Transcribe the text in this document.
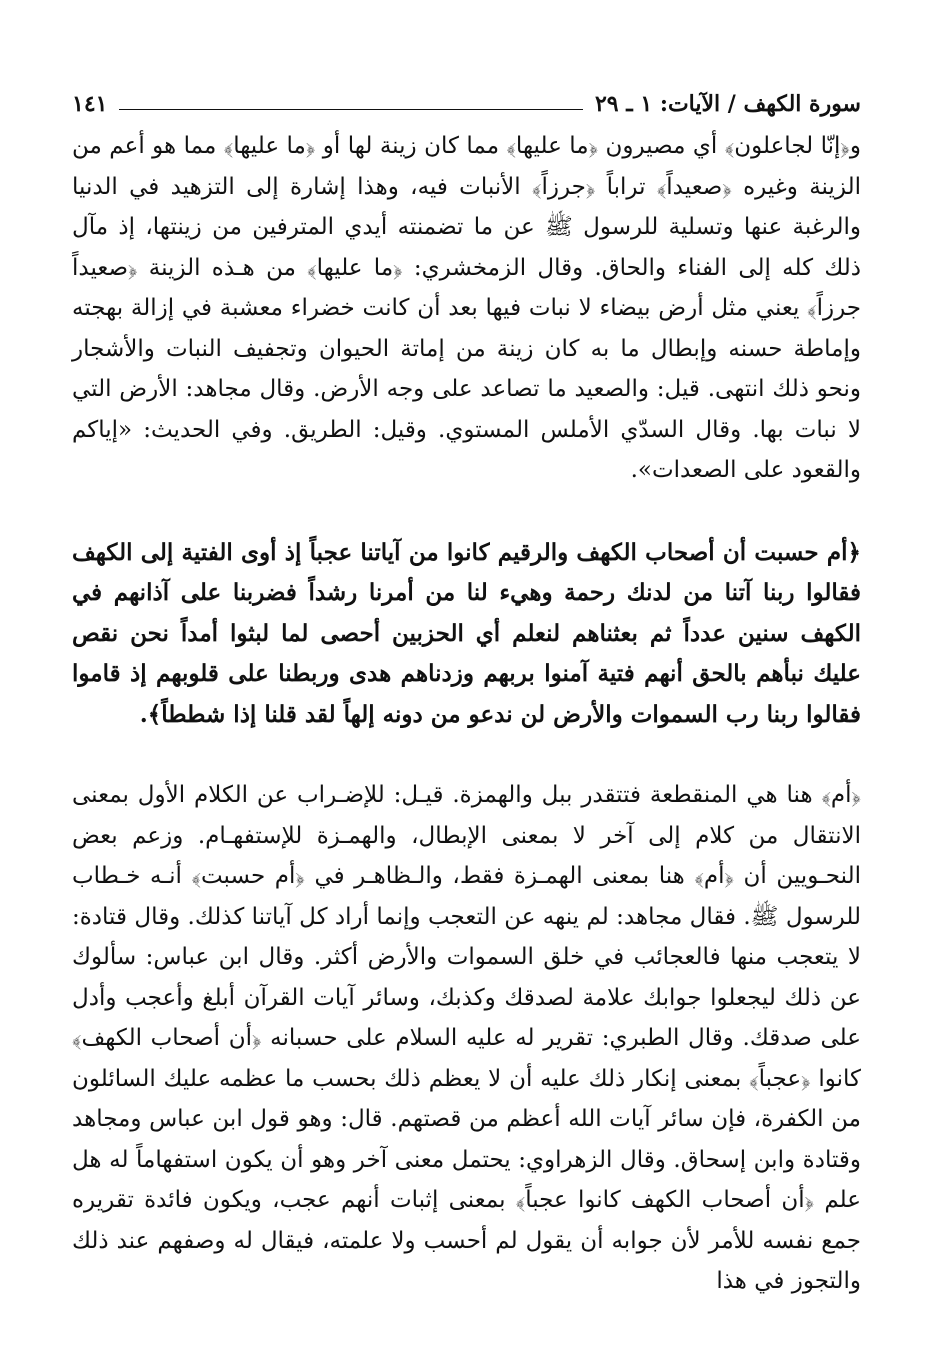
سورة الكهف / الآيات: ١ ـ ٢٩
١٤١

و﴿إنّا لجاعلون﴾ أي مصيرون ﴿ما عليها﴾ مما كان زينة لها أو ﴿ما عليها﴾ مما هو أعم من الزينة وغيره ﴿صعيداً﴾ تراباً ﴿جرزاً﴾ الأنبات فيه، وهذا إشارة إلى التزهيد في الدنيا والرغبة عنها وتسلية للرسول ﷺ عن ما تضمنته أيدي المترفين من زينتها، إذ مآل ذلك كله إلى الفناء والحاق. وقال الزمخشري: ﴿ما عليها﴾ من هـذه الزينة ﴿صعيداً جرزاً﴾ يعني مثل أرض بيضاء لا نبات فيها بعد أن كانت خضراء معشبة في إزالة بهجته وإماطة حسنه وإبطال ما به كان زينة من إماتة الحيوان وتجفيف النبات والأشجار ونحو ذلك انتهى. قيل: والصعيد ما تصاعد على وجه الأرض. وقال مجاهد: الأرض التي لا نبات بها. وقال السدّي الأملس المستوي. وقيل: الطريق. وفي الحديث: «إياكم والقعود على الصعدات».

﴿أم حسبت أن أصحاب الكهف والرقيم كانوا من آياتنا عجباً إذ أوى الفتية إلى الكهف فقالوا ربنا آتنا من لدنك رحمة وهيء لنا من أمرنا رشداً فضربنا على آذانهم في الكهف سنين عدداً ثم بعثناهم لنعلم أي الحزبين أحصى لما لبثوا أمداً نحن نقص عليك نبأهم بالحق أنهم فتية آمنوا بربهم وزدناهم هدى وربطنا على قلوبهم إذ قاموا فقالوا ربنا رب السموات والأرض لن ندعو من دونه إلهاً لقد قلنا إذا شططاً﴾.

﴿أم﴾ هنا هي المنقطعة فتتقدر ببل والهمزة. قيـل: للإضـراب عن الكلام الأول بمعنى الانتقال من كلام إلى آخر لا بمعنى الإبطال، والهمـزة للإستفهـام. وزعم بعض النحـويين أن ﴿أم﴾ هنا بمعنى الهمـزة فقط، والـظاهـر في ﴿أم حسبت﴾ أنـه خـطاب للرسول ﷺ. فقال مجاهد: لم ينهه عن التعجب وإنما أراد كل آياتنا كذلك. وقال قتادة: لا يتعجب منها فالعجائب في خلق السموات والأرض أكثر. وقال ابن عباس: سألوك عن ذلك ليجعلوا جوابك علامة لصدقك وكذبك، وسائر آيات القرآن أبلغ وأعجب وأدل على صدقك. وقال الطبري: تقرير له عليه السلام على حسبانه ﴿أن أصحاب الكهف﴾ كانوا ﴿عجباً﴾ بمعنى إنكار ذلك عليه أن لا يعظم ذلك بحسب ما عظمه عليك السائلون من الكفرة، فإن سائر آيات الله أعظم من قصتهم. قال: وهو قول ابن عباس ومجاهد وقتادة وابن إسحاق. وقال الزهراوي: يحتمل معنى آخر وهو أن يكون استفهاماً له هل علم ﴿أن أصحاب الكهف كانوا عجباً﴾ بمعنى إثبات أنهم عجب، ويكون فائدة تقريره جمع نفسه للأمر لأن جوابه أن يقول لم أحسب ولا علمته، فيقال له وصفهم عند ذلك والتجوز في هذا
